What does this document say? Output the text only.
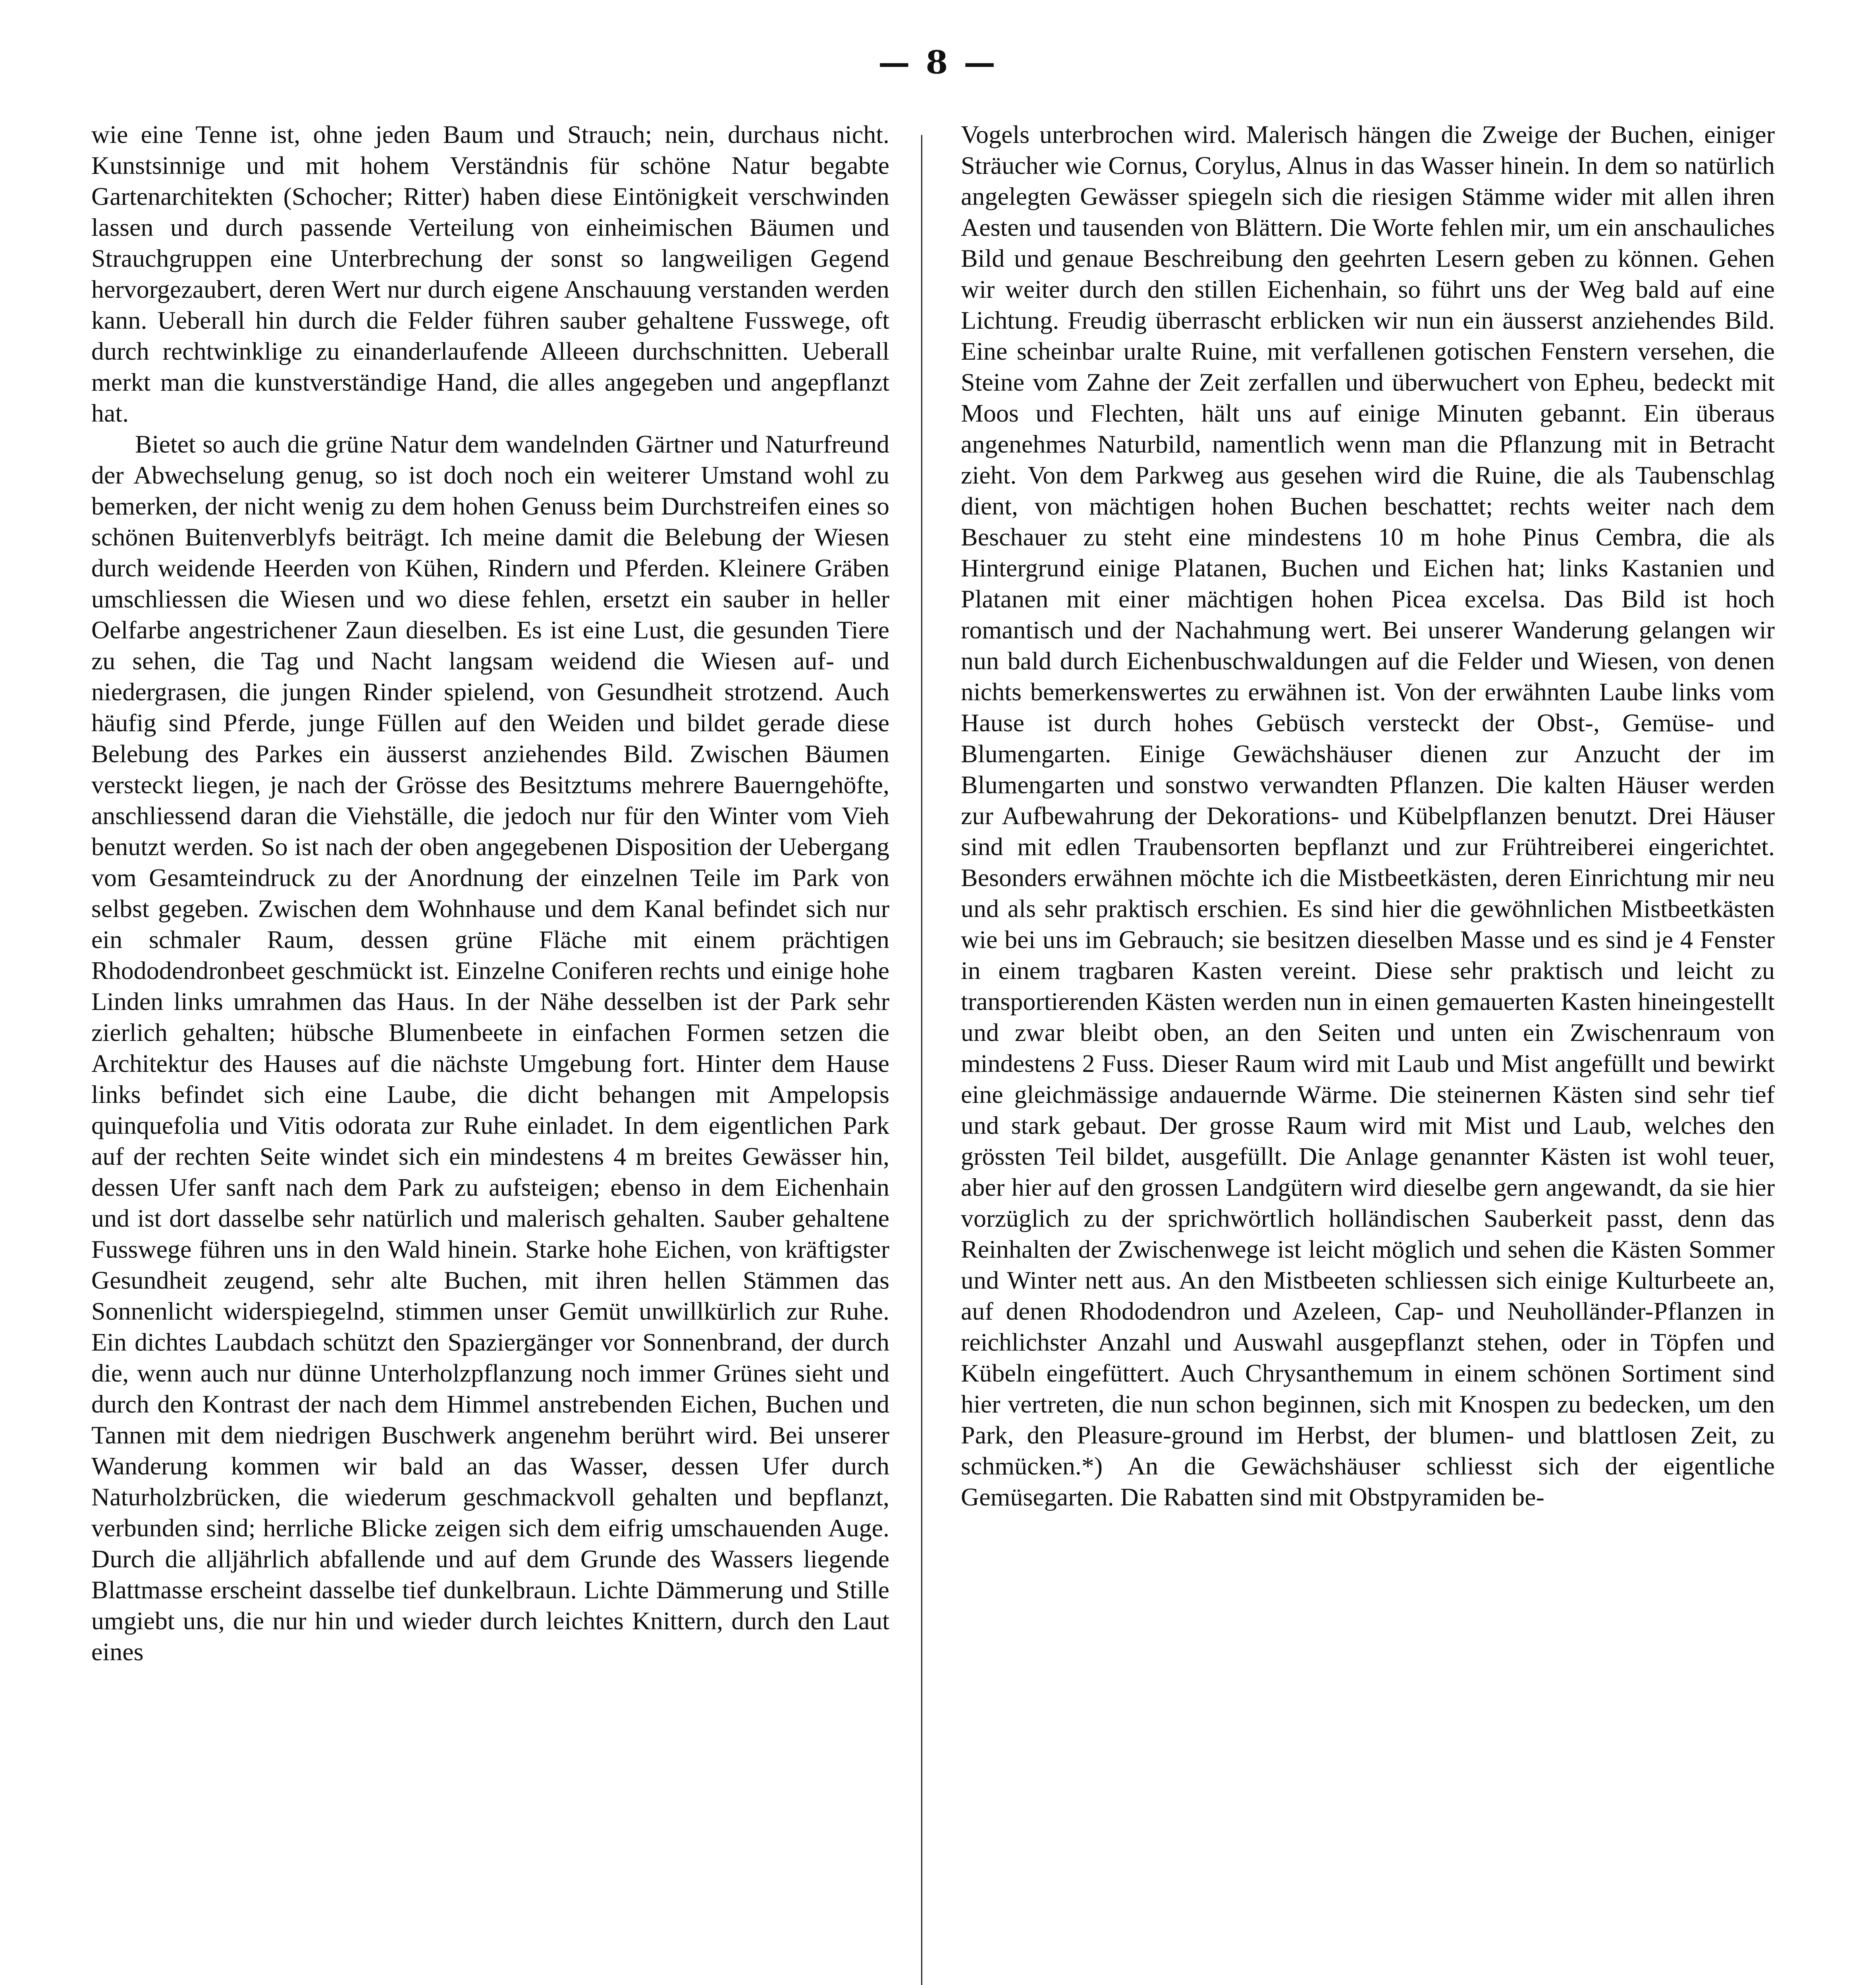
— 8 —

wie eine Tenne ist, ohne jeden Baum und Strauch; nein, durchaus nicht. Kunstsinnige und mit hohem Verständnis für schöne Natur begabte Gartenarchitekten (Schocher; Ritter) haben diese Eintönigkeit verschwinden lassen und durch passende Verteilung von einheimischen Bäumen und Strauchgruppen eine Unterbrechung der sonst so langweiligen Gegend hervorgezaubert, deren Wert nur durch eigene Anschauung verstanden werden kann. Ueberall hin durch die Felder führen sauber gehaltene Fusswege, oft durch rechtwinklige zu einanderlaufende Alleeen durchschnitten. Ueberall merkt man die kunstverständige Hand, die alles angegeben und angepflanzt hat.

Bietet so auch die grüne Natur dem wandelnden Gärtner und Naturfreund der Abwechselung genug, so ist doch noch ein weiterer Umstand wohl zu bemerken, der nicht wenig zu dem hohen Genuss beim Durchstreifen eines so schönen Buitenverblyfs beiträgt. Ich meine damit die Belebung der Wiesen durch weidende Heerden von Kühen, Rindern und Pferden. Kleinere Gräben umschliessen die Wiesen und wo diese fehlen, ersetzt ein sauber in heller Oelfarbe angestrichener Zaun dieselben. Es ist eine Lust, die gesunden Tiere zu sehen, die Tag und Nacht langsam weidend die Wiesen auf- und niedergrasen, die jungen Rinder spielend, von Gesundheit strotzend. Auch häufig sind Pferde, junge Füllen auf den Weiden und bildet gerade diese Belebung des Parkes ein äusserst anziehendes Bild. Zwischen Bäumen versteckt liegen, je nach der Grösse des Besitztums mehrere Bauerngehöfte, anschliessend daran die Viehställe, die jedoch nur für den Winter vom Vieh benutzt werden. So ist nach der oben angegebenen Disposition der Uebergang vom Gesamteindruck zu der Anordnung der einzelnen Teile im Park von selbst gegeben. Zwischen dem Wohnhause und dem Kanal befindet sich nur ein schmaler Raum, dessen grüne Fläche mit einem prächtigen Rhododendronbeet geschmückt ist. Einzelne Coniferen rechts und einige hohe Linden links umrahmen das Haus. In der Nähe desselben ist der Park sehr zierlich gehalten; hübsche Blumenbeete in einfachen Formen setzen die Architektur des Hauses auf die nächste Umgebung fort. Hinter dem Hause links befindet sich eine Laube, die dicht behangen mit Ampelopsis quinquefolia und Vitis odorata zur Ruhe einladet. In dem eigentlichen Park auf der rechten Seite windet sich ein mindestens 4 m breites Gewässer hin, dessen Ufer sanft nach dem Park zu aufsteigen; ebenso in dem Eichenhain und ist dort dasselbe sehr natürlich und malerisch gehalten. Sauber gehaltene Fusswege führen uns in den Wald hinein. Starke hohe Eichen, von kräftigster Gesundheit zeugend, sehr alte Buchen, mit ihren hellen Stämmen das Sonnenlicht widerspiegelnd, stimmen unser Gemüt unwillkürlich zur Ruhe. Ein dichtes Laubdach schützt den Spaziergänger vor Sonnenbrand, der durch die, wenn auch nur dünne Unterholzpflanzung noch immer Grünes sieht und durch den Kontrast der nach dem Himmel anstrebenden Eichen, Buchen und Tannen mit dem niedrigen Buschwerk angenehm berührt wird. Bei unserer Wanderung kommen wir bald an das Wasser, dessen Ufer durch Naturholzbrücken, die wiederum geschmackvoll gehalten und bepflanzt, verbunden sind; herrliche Blicke zeigen sich dem eifrig umschauenden Auge. Durch die alljährlich abfallende und auf dem Grunde des Wassers liegende Blattmasse erscheint dasselbe tief dunkelbraun. Lichte Dämmerung und Stille umgiebt uns, die nur hin und wieder durch leichtes Knittern, durch den Laut eines

Vogels unterbrochen wird. Malerisch hängen die Zweige der Buchen, einiger Sträucher wie Cornus, Corylus, Alnus in das Wasser hinein. In dem so natürlich angelegten Gewässer spiegeln sich die riesigen Stämme wider mit allen ihren Aesten und tausenden von Blättern. Die Worte fehlen mir, um ein anschauliches Bild und genaue Beschreibung den geehrten Lesern geben zu können. Gehen wir weiter durch den stillen Eichenhain, so führt uns der Weg bald auf eine Lichtung. Freudig überrascht erblicken wir nun ein äusserst anziehendes Bild. Eine scheinbar uralte Ruine, mit verfallenen gotischen Fenstern versehen, die Steine vom Zahne der Zeit zerfallen und überwuchert von Epheu, bedeckt mit Moos und Flechten, hält uns auf einige Minuten gebannt. Ein überaus angenehmes Naturbild, namentlich wenn man die Pflanzung mit in Betracht zieht. Von dem Parkweg aus gesehen wird die Ruine, die als Taubenschlag dient, von mächtigen hohen Buchen beschattet; rechts weiter nach dem Beschauer zu steht eine mindestens 10 m hohe Pinus Cembra, die als Hintergrund einige Platanen, Buchen und Eichen hat; links Kastanien und Platanen mit einer mächtigen hohen Picea excelsa. Das Bild ist hoch romantisch und der Nachahmung wert. Bei unserer Wanderung gelangen wir nun bald durch Eichenbuschwaldungen auf die Felder und Wiesen, von denen nichts bemerkenswertes zu erwähnen ist. Von der erwähnten Laube links vom Hause ist durch hohes Gebüsch versteckt der Obst-, Gemüse- und Blumengarten. Einige Gewächshäuser dienen zur Anzucht der im Blumengarten und sonstwo verwandten Pflanzen. Die kalten Häuser werden zur Aufbewahrung der Dekorations- und Kübelpflanzen benutzt. Drei Häuser sind mit edlen Traubensorten bepflanzt und zur Frühtreiberei eingerichtet. Besonders erwähnen möchte ich die Mistbeetkästen, deren Einrichtung mir neu und als sehr praktisch erschien. Es sind hier die gewöhnlichen Mistbeetkästen wie bei uns im Gebrauch; sie besitzen dieselben Masse und es sind je 4 Fenster in einem tragbaren Kasten vereint. Diese sehr praktisch und leicht zu transportierenden Kästen werden nun in einen gemauerten Kasten hineingestellt und zwar bleibt oben, an den Seiten und unten ein Zwischenraum von mindestens 2 Fuss. Dieser Raum wird mit Laub und Mist angefüllt und bewirkt eine gleichmässige andauernde Wärme. Die steinernen Kästen sind sehr tief und stark gebaut. Der grosse Raum wird mit Mist und Laub, welches den grössten Teil bildet, ausgefüllt. Die Anlage genannter Kästen ist wohl teuer, aber hier auf den grossen Landgütern wird dieselbe gern angewandt, da sie hier vorzüglich zu der sprichwörtlich holländischen Sauberkeit passt, denn das Reinhalten der Zwischenwege ist leicht möglich und sehen die Kästen Sommer und Winter nett aus. An den Mistbeeten schliessen sich einige Kulturbeete an, auf denen Rhododendron und Azeleen, Cap- und Neuholländer-Pflanzen in reichlichster Anzahl und Auswahl ausgepflanzt stehen, oder in Töpfen und Kübeln eingefüttert. Auch Chrysanthemum in einem schönen Sortiment sind hier vertreten, die nun schon beginnen, sich mit Knospen zu bedecken, um den Park, den Pleasure-ground im Herbst, der blumen- und blattlosen Zeit, zu schmücken.*) An die Gewächshäuser schliesst sich der eigentliche Gemüsegarten. Die Rabatten sind mit Obstpyramiden be-
